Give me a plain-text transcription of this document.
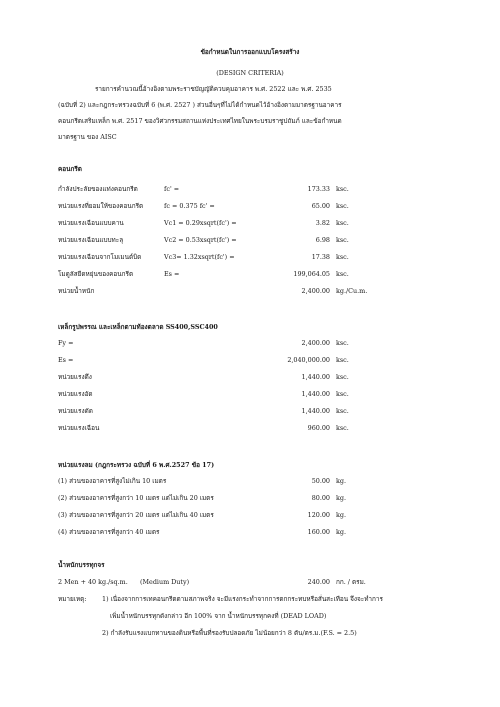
ข้อกำหนดในการออกแบบโครงสร้าง
(DESIGN CRITERIA)
รายการคำนวณนี้อ้างอิงตามพระราชบัญญัติควบคุมอาคาร พ.ศ. 2522 และ พ.ศ. 2535
(ฉบับที่ 2) และกฎกระทรวงฉบับที่ 6 (พ.ศ. 2527 ) ส่วนอื่นๆที่ไม่ได้กำหนดไว้อ้างอิงตามมาตรฐานอาคาร
คอนกรีตเสริมเหล็ก พ.ศ. 2517 ของวิศวกรรมสถานแห่งประเทศไทยในพระบรมราชูปถัมภ์ และข้อกำหนด
มาตรฐาน ของ AISC
คอนกรีต
กำลังประลัยของแท่งคอนกรีต	fc' =	173.33 ksc.
หน่วยแรงที่ยอมให้ของคอนกรีต	fc = 0.375 fc' =	65.00 ksc.
หน่วยแรงเฉือนแบบคาน	Vc1 = 0.29xsqrt(fc') =	3.82 ksc.
หน่วยแรงเฉือนแบบทะลุ	Vc2 = 0.53xsqrt(fc') =	6.98 ksc.
หน่วยแรงเฉือนจากโมเมนต์บิด	Vc3= 1.32xsqrt(fc') =	17.38 ksc.
โมดูลัสยืดหยุ่นของคอนกรีต	Es =	199,064.05 ksc.
หน่วยน้ำหนัก	2,400.00 kg./Cu.m.
เหล็กรูปพรรณ และเหล็กตามท้องตลาด SS400,SSC400
Fy =	2,400.00 ksc.
Es =	2,040,000.00 ksc.
หน่วยแรงดึง	1,440.00 ksc.
หน่วยแรงอัด	1,440.00 ksc.
หน่วยแรงดัด	1,440.00 ksc.
หน่วยแรงเฉือน	960.00 ksc.
หน่วยแรงลม (กฎกระทรวง ฉบับที่ 6 พ.ศ.2527 ข้อ 17)
(1) ส่วนของอาคารที่สูงไม่เกิน 10 เมตร	50.00 kg.
(2) ส่วนของอาคารที่สูงกว่า 10 เมตร แต่ไม่เกิน 20 เมตร	80.00 kg.
(3) ส่วนของอาคารที่สูงกว่า 20 เมตร แต่ไม่เกิน 40 เมตร	120.00 kg.
(4) ส่วนของอาคารที่สูงกว่า 40 เมตร	160.00 kg.
น้ำหนักบรรทุกจร
2 Men + 40 kg./sq.m. (Medium Duty)	240.00 กก. / ตรม.
หมายเหตุ: 1) เนื่องจากการเทคอนกรีตตามสภาพจริง จะมีแรงกระทำจากการตกกระทบหรือสั่นสะเทือน จึงจะทำการ
เพิ่มน้ำหนักบรรทุกดังกล่าว อีก 100% จาก น้ำหนักบรรทุกคงที่ (DEAD LOAD)
2) กำลังรับแรงแบกทานของดินหรือพื้นที่รองรับปลอดภัย ไม่น้อยกว่า 8 ตัน/ตร.ม.(F.S. = 2.5)
